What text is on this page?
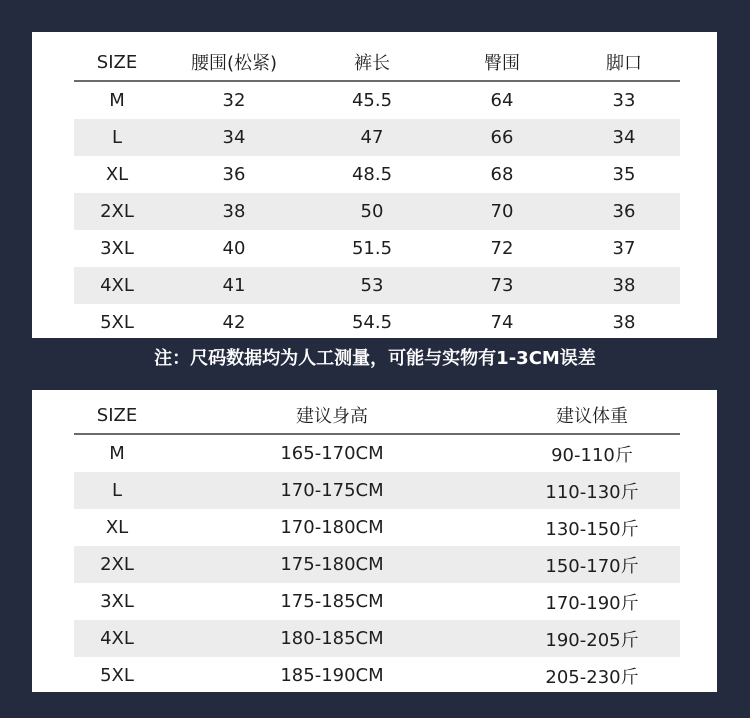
SIZE	腰围(松紧)	裤长	臀围	脚口
M	32	45.5	64	33
L	34	47	66	34
XL	36	48.5	68	35
2XL	38	50	70	36
3XL	40	51.5	72	37
4XL	41	53	73	38
5XL	42	54.5	74	38
注：尺码数据均为人工测量，可能与实物有1-3CM误差
SIZE	建议身高	建议体重
M	165-170CM	90-110斤
L	170-175CM	110-130斤
XL	170-180CM	130-150斤
2XL	175-180CM	150-170斤
3XL	175-185CM	170-190斤
4XL	180-185CM	190-205斤
5XL	185-190CM	205-230斤
